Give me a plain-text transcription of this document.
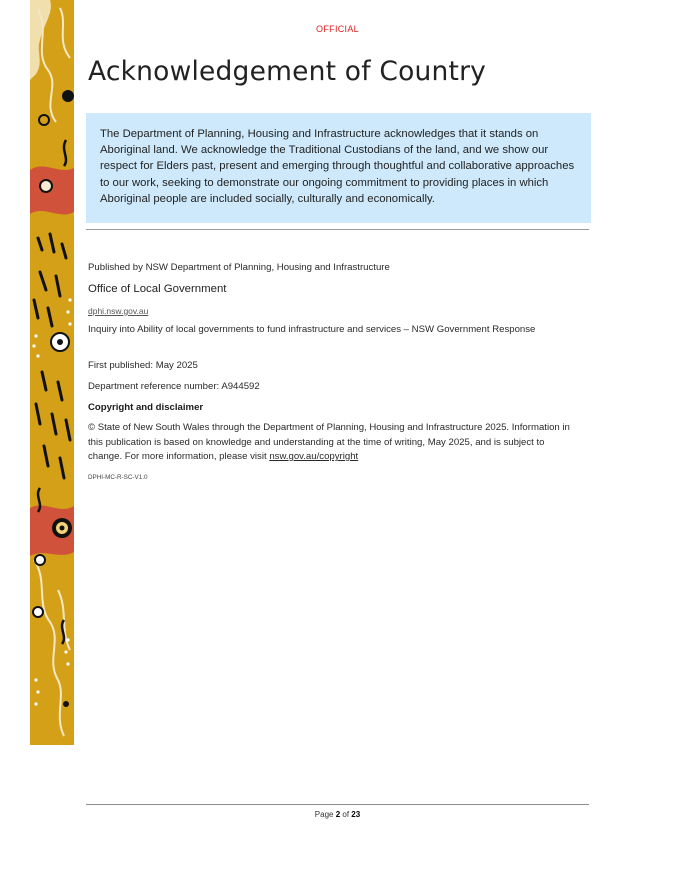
OFFICIAL
Acknowledgement of Country

The Department of Planning, Housing and Infrastructure acknowledges that it stands on Aboriginal land. We acknowledge the Traditional Custodians of the land, and we show our respect for Elders past, present and emerging through thoughtful and collaborative approaches to our work, seeking to demonstrate our ongoing commitment to providing places in which Aboriginal people are included socially, culturally and economically.

Published by NSW Department of Planning, Housing and Infrastructure

Office of Local Government

dphi.nsw.gov.au

Inquiry into Ability of local governments to fund infrastructure and services – NSW Government Response

First published: May 2025

Department reference number: A944592

Copyright and disclaimer

© State of New South Wales through the Department of Planning, Housing and Infrastructure 2025. Information in this publication is based on knowledge and understanding at the time of writing, May 2025, and is subject to change. For more information, please visit nsw.gov.au/copyright

DPHI-MC-R-SC-V1.0

Page 2 of 23
